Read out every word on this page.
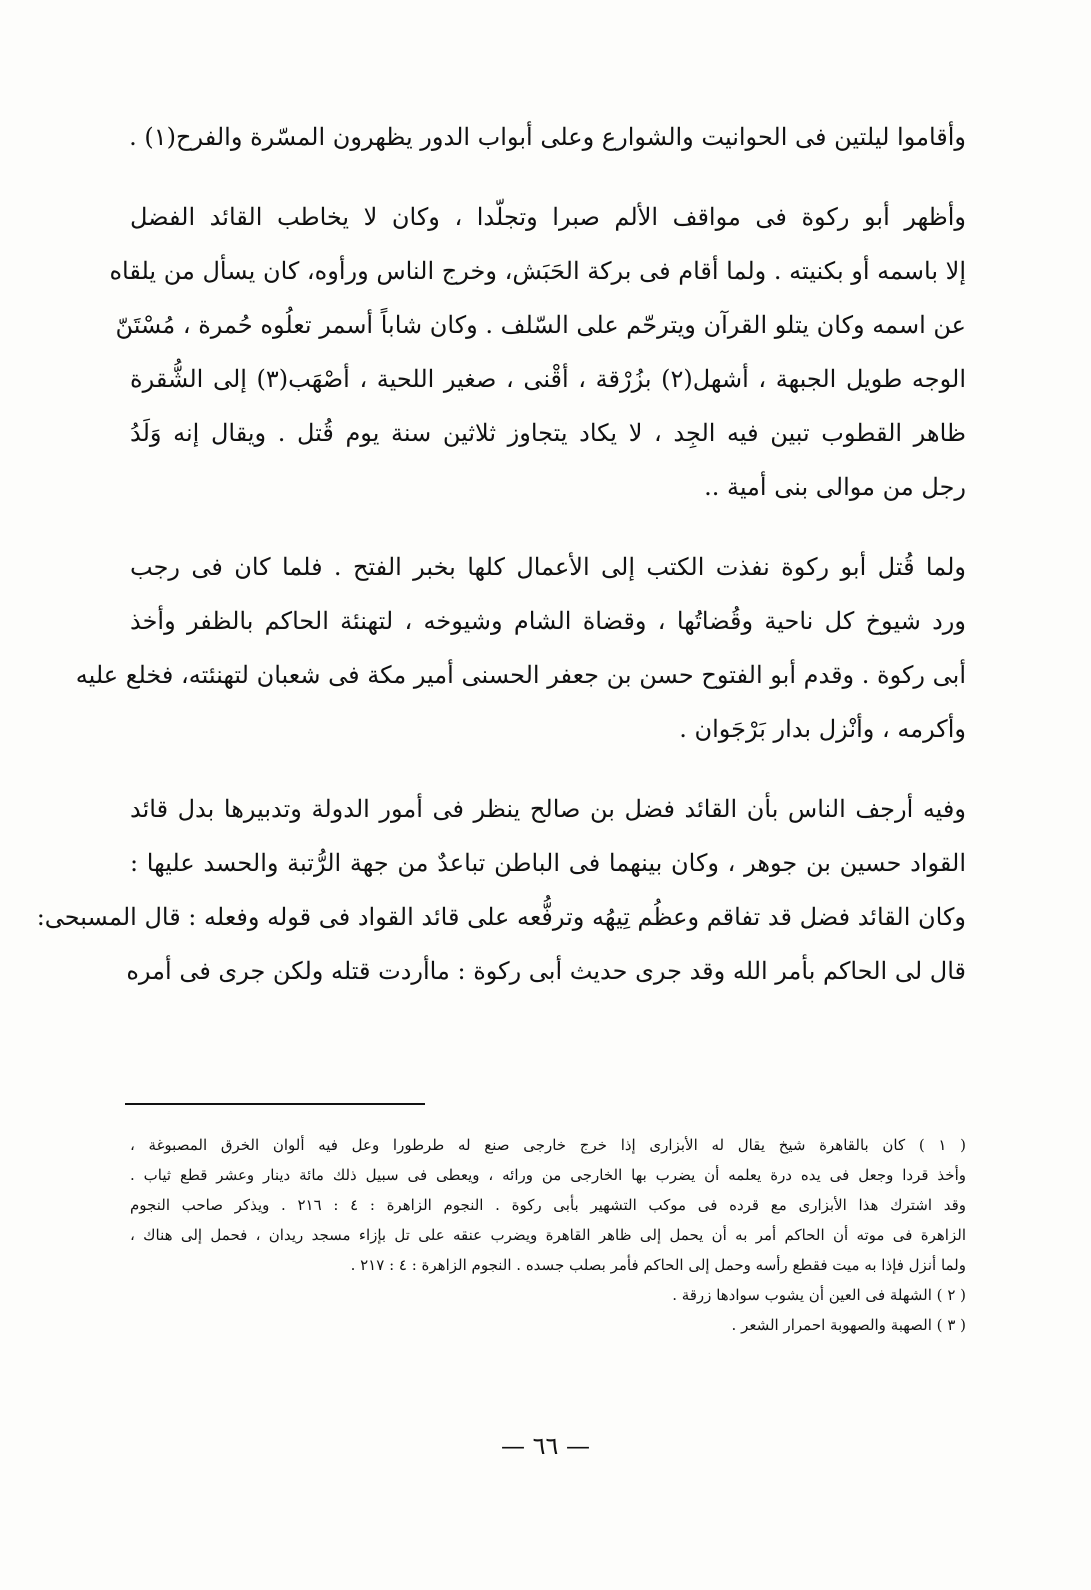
وأقاموا ليلتين فى الحوانيت والشوارع وعلى أبواب الدور يظهرون المسّرة والفرح(١) .

وأظهر أبو ركوة فى مواقف الألم صبرا وتجلّدا ، وكان لا يخاطب القائد الفضل
إلا باسمه أو بكنيته . ولما أقام فى بركة الحَبَش، وخرج الناس ورأوه، كان يسأل من يلقاه
عن اسمه وكان يتلو القرآن ويترحّم على السّلف . وكان شاباً أسمر تعلُوه حُمرة ، مُسْتَنّ
الوجه طويل الجبهة ، أشهل(٢) بزُرْقة ، أقْنى ، صغير اللحية ، أصْهَب(٣) إلى الشُّقرة
ظاهر القطوب تبين فيه الجِد ، لا يكاد يتجاوز ثلاثين سنة يوم قُتل . ويقال إنه وَلَدُ
رجل من موالى بنى أمية ..

ولما قُتل أبو ركوة نفذت الكتب إلى الأعمال كلها بخبر الفتح . فلما كان فى رجب
ورد شيوخ كل ناحية وقُضاتُها ، وقضاة الشام وشيوخه ، لتهنئة الحاكم بالظفر وأخذ
أبى ركوة . وقدم أبو الفتوح حسن بن جعفر الحسنى أمير مكة فى شعبان لتهنئته، فخلع عليه
وأكرمه ، وأنْزل بدار بَرْجَوان .

وفيه أرجف الناس بأن القائد فضل بن صالح ينظر فى أمور الدولة وتدبيرها بدل قائد
القواد حسين بن جوهر ، وكان بينهما فى الباطن تباعدٌ من جهة الرُّتبة والحسد عليها :
وكان القائد فضل قد تفاقم وعظُم تِيهُه وترفُّعه على قائد القواد فى قوله وفعله : قال المسبحى:
قال لى الحاكم بأمر الله وقد جرى حديث أبى ركوة : ماأردت قتله ولكن جرى فى أمره

( ١ ) كان بالقاهرة شيخ يقال له الأبزارى إذا خرج خارجى صنع له طرطورا وعل فيه ألوان الخرق المصبوغة ،
وأخذ قردا وجعل فى يده درة يعلمه أن يضرب بها الخارجى من ورائه ، ويعطى فى سبيل ذلك مائة دينار وعشر قطع ثياب .
وقد اشترك هذا الأبزارى مع قرده فى موكب التشهير بأبى ركوة . النجوم الزاهرة : ٤ : ٢١٦ . ويذكر صاحب النجوم
الزاهرة فى موته أن الحاكم أمر به أن يحمل إلى ظاهر القاهرة ويضرب عنقه على تل بإزاء مسجد ريدان ، فحمل إلى هناك ،
ولما أنزل فإذا به ميت فقطع رأسه وحمل إلى الحاكم فأمر بصلب جسده . النجوم الزاهرة : ٤ : ٢١٧ .
( ٢ ) الشهلة فى العين أن يشوب سوادها زرقة .
( ٣ ) الصهبة والصهوبة احمرار الشعر .
— ٦٦ —
